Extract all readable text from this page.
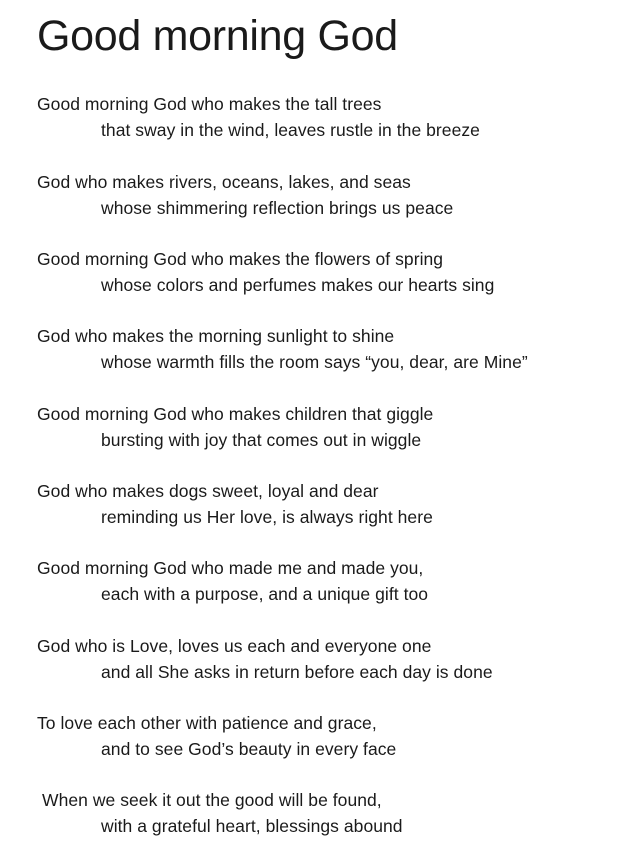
Good morning God
Good morning God who makes the tall trees
that sway in the wind, leaves rustle in the breeze
God who makes rivers, oceans, lakes, and seas
whose shimmering reflection brings us peace
Good morning God who makes the flowers of spring
whose colors and perfumes makes our hearts sing
God who makes the morning sunlight to shine
whose warmth fills the room says “you, dear, are Mine”
Good morning God who makes children that giggle
bursting with joy that comes out in wiggle
God who makes dogs sweet, loyal and dear
reminding us Her love, is always right here
Good morning God who made me and made you,
each with a purpose, and a unique gift too
God who is Love, loves us each and everyone one
and all She asks in return before each day is done
To love each other with patience and grace,
and to see God’s beauty in every face
When we seek it out the good will be found,
with a grateful heart, blessings abound
